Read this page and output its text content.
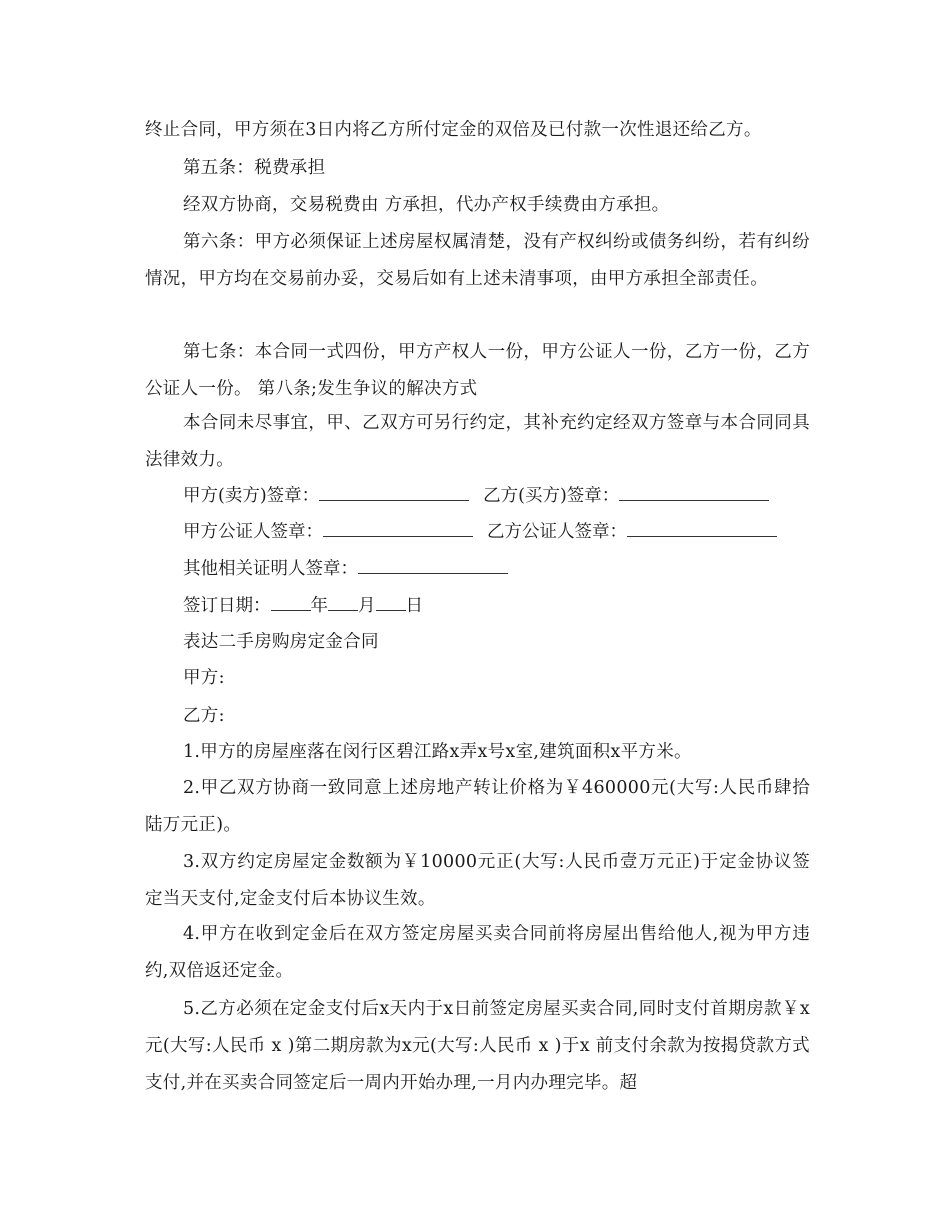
终止合同，甲方须在3日内将乙方所付定金的双倍及已付款一次性退还给乙方。
第五条：税费承担
经双方协商，交易税费由 方承担，代办产权手续费由方承担。
第六条：甲方必须保证上述房屋权属清楚，没有产权纠纷或债务纠纷，若有纠纷情况，甲方均在交易前办妥，交易后如有上述未清事项，由甲方承担全部责任。
第七条：本合同一式四份，甲方产权人一份，甲方公证人一份，乙方一份，乙方公证人一份。 第八条;发生争议的解决方式
本合同未尽事宜，甲、乙双方可另行约定，其补充约定经双方签章与本合同同具法律效力。
甲方(卖方)签章：	乙方(买方)签章：
甲方公证人签章：	乙方公证人签章：
其他相关证明人签章：
签订日期： 年 月 日
表达二手房购房定金合同
甲方:
乙方:
1.甲方的房屋座落在闵行区碧江路x弄x号x室,建筑面积x平方米。
2.甲乙双方协商一致同意上述房地产转让价格为￥460000元(大写:人民币肆拾陆万元正)。
3.双方约定房屋定金数额为￥10000元正(大写:人民币壹万元正)于定金协议签定当天支付,定金支付后本协议生效。
4.甲方在收到定金后在双方签定房屋买卖合同前将房屋出售给他人,视为甲方违约,双倍返还定金。
5.乙方必须在定金支付后x天内于x日前签定房屋买卖合同,同时支付首期房款￥x 元(大写:人民币 x )第二期房款为x元(大写:人民币 x )于x 前支付余款为按揭贷款方式支付,并在买卖合同签定后一周内开始办理,一月内办理完毕。超
